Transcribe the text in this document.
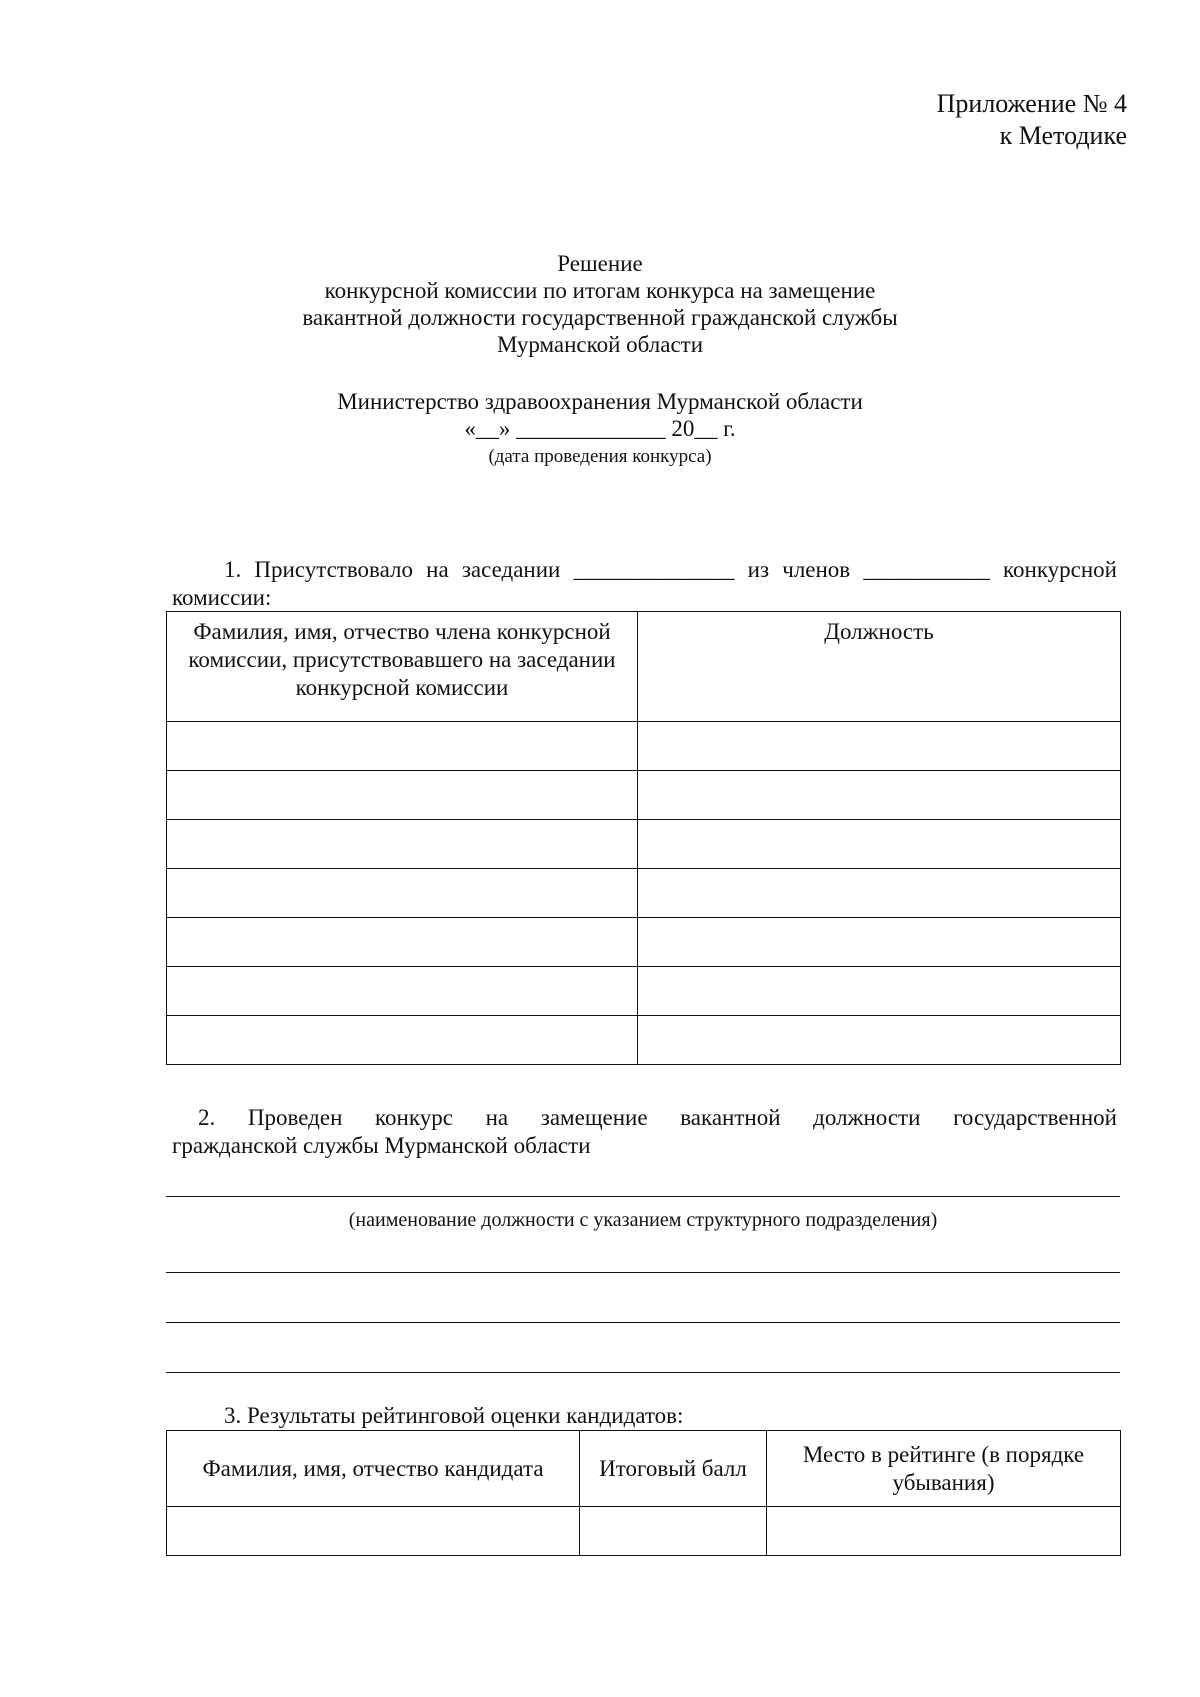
Приложение № 4
к Методике
Решение
конкурсной комиссии по итогам конкурса на замещение
вакантной должности государственной гражданской службы
Мурманской области
Министерство здравоохранения Мурманской области
«__» _____________ 20__ г.
(дата проведения конкурса)
1. Присутствовало на заседании ______________ из членов ___________ конкурсной
комиссии:
Фамилия, имя, отчество члена конкурсной комиссии, присутствовавшего на заседании конкурсной комиссии	Должность

2. Проведен конкурс на замещение вакантной должности государственной
гражданской службы Мурманской области
(наименование должности с указанием структурного подразделения)
3. Результаты рейтинговой оценки кандидатов:
Фамилия, имя, отчество кандидата	Итоговый балл	Место в рейтинге (в порядке убывания)
